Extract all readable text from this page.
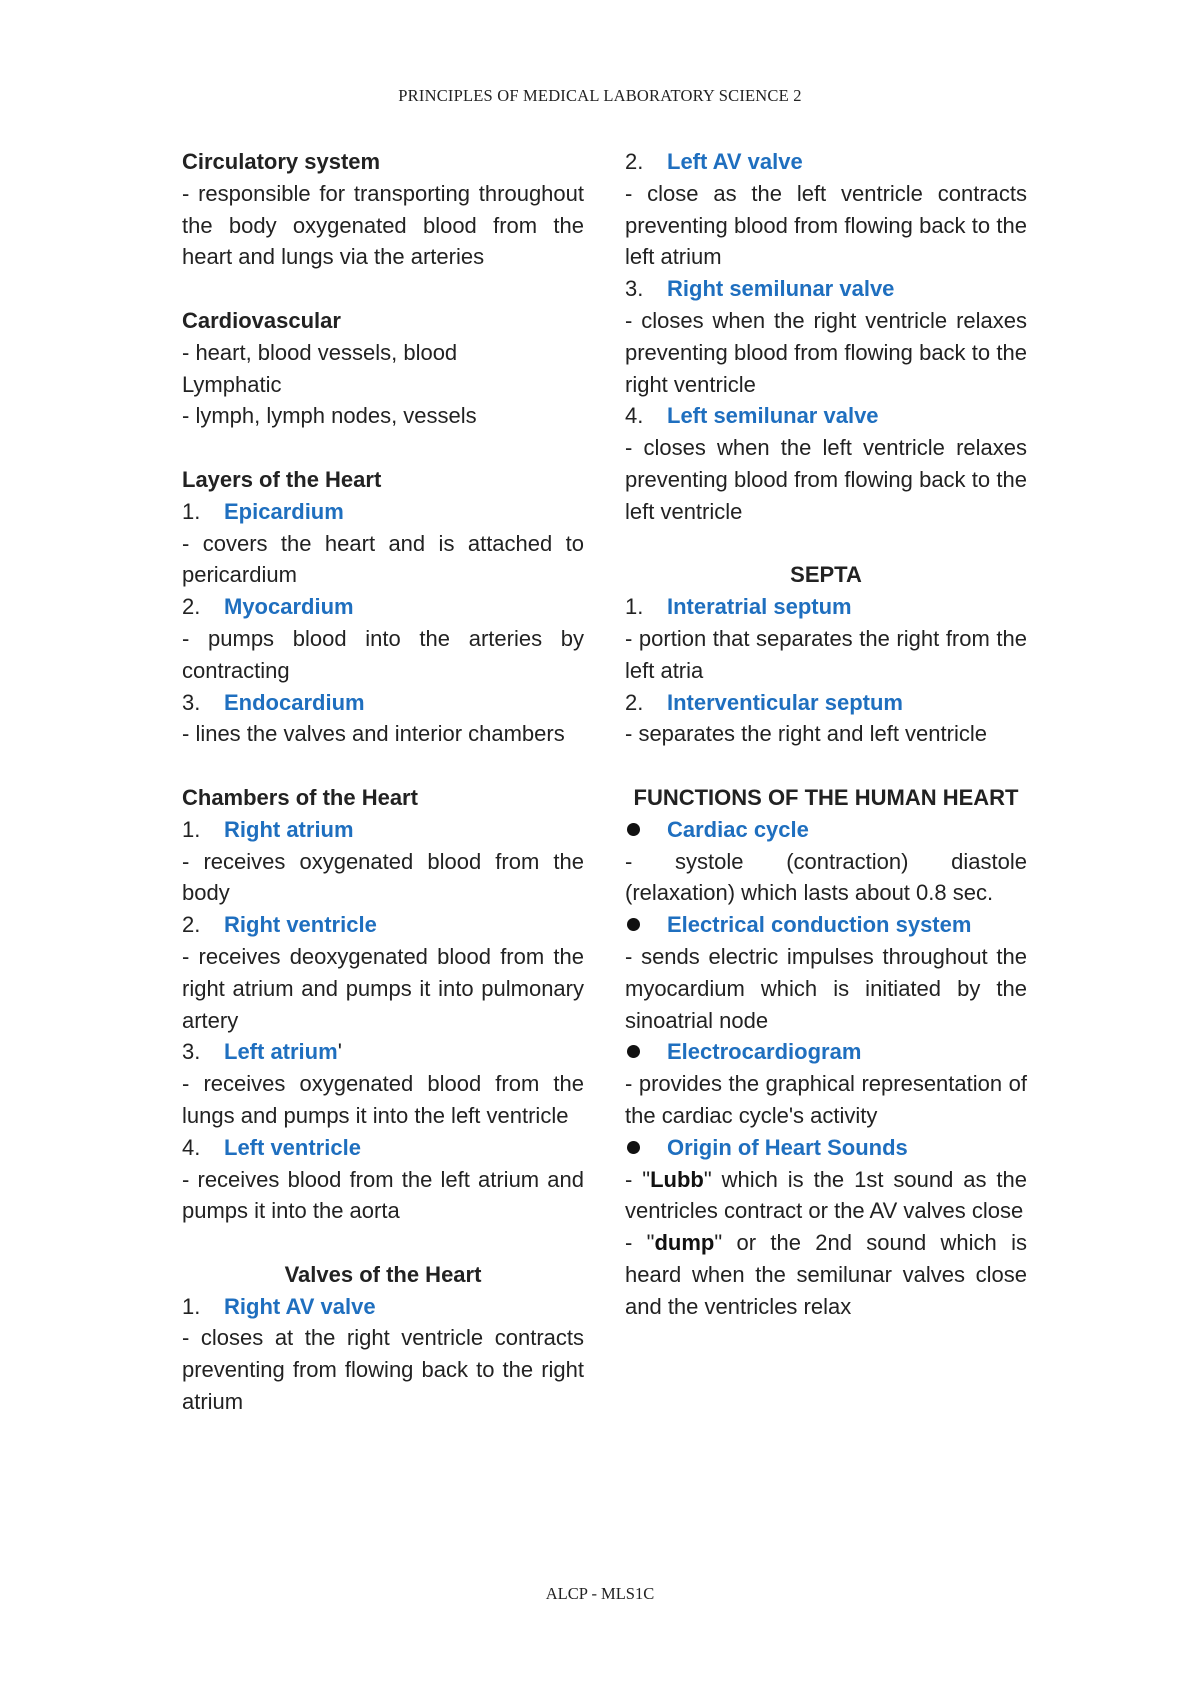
PRINCIPLES OF MEDICAL LABORATORY SCIENCE 2

Circulatory system

- responsible for transporting throughout the body oxygenated blood from the heart and lungs via the arteries

Cardiovascular

- heart, blood vessels, blood

Lymphatic

- lymph, lymph nodes, vessels

Layers of the Heart

1.	Epicardium

- covers the heart and is attached to pericardium

2.	Myocardium

- pumps blood into the arteries by contracting

3.	Endocardium

- lines the valves and interior chambers

Chambers of the Heart

1.	Right atrium

- receives oxygenated blood from the body

2.	Right ventricle

- receives deoxygenated blood from the right atrium and pumps it into pulmonary artery

3.	Left atrium '

- receives oxygenated blood from the lungs and pumps it into the left ventricle

4.	Left ventricle

- receives blood from the left atrium and pumps it into the aorta

Valves of the Heart

1.	Right AV valve

- closes at the right ventricle contracts preventing from flowing back to the right atrium

2.	Left AV valve

- close as the left ventricle contracts preventing blood from flowing back to the left atrium

3.	Right semilunar valve

- closes when the right ventricle relaxes preventing blood from flowing back to the right ventricle

4.	Left semilunar valve

- closes when the left ventricle relaxes preventing blood from flowing back to the left ventricle

SEPTA

1.	Interatrial septum

- portion that separates the right from the left atria

2.	Interventicular septum

- separates the right and left ventricle

FUNCTIONS OF THE HUMAN HEART

Cardiac cycle

- systole (contraction) diastole (relaxation) which lasts about 0.8 sec.

Electrical conduction system

- sends electric impulses throughout the myocardium which is initiated by the sinoatrial node

Electrocardiogram

- provides the graphical representation of the cardiac cycle's activity

Origin of Heart Sounds

- "Lubb" which is the 1st sound as the ventricles contract or the AV valves close

- "dump" or the 2nd sound which is heard when the semilunar valves close and the ventricles relax

ALCP - MLS1C
